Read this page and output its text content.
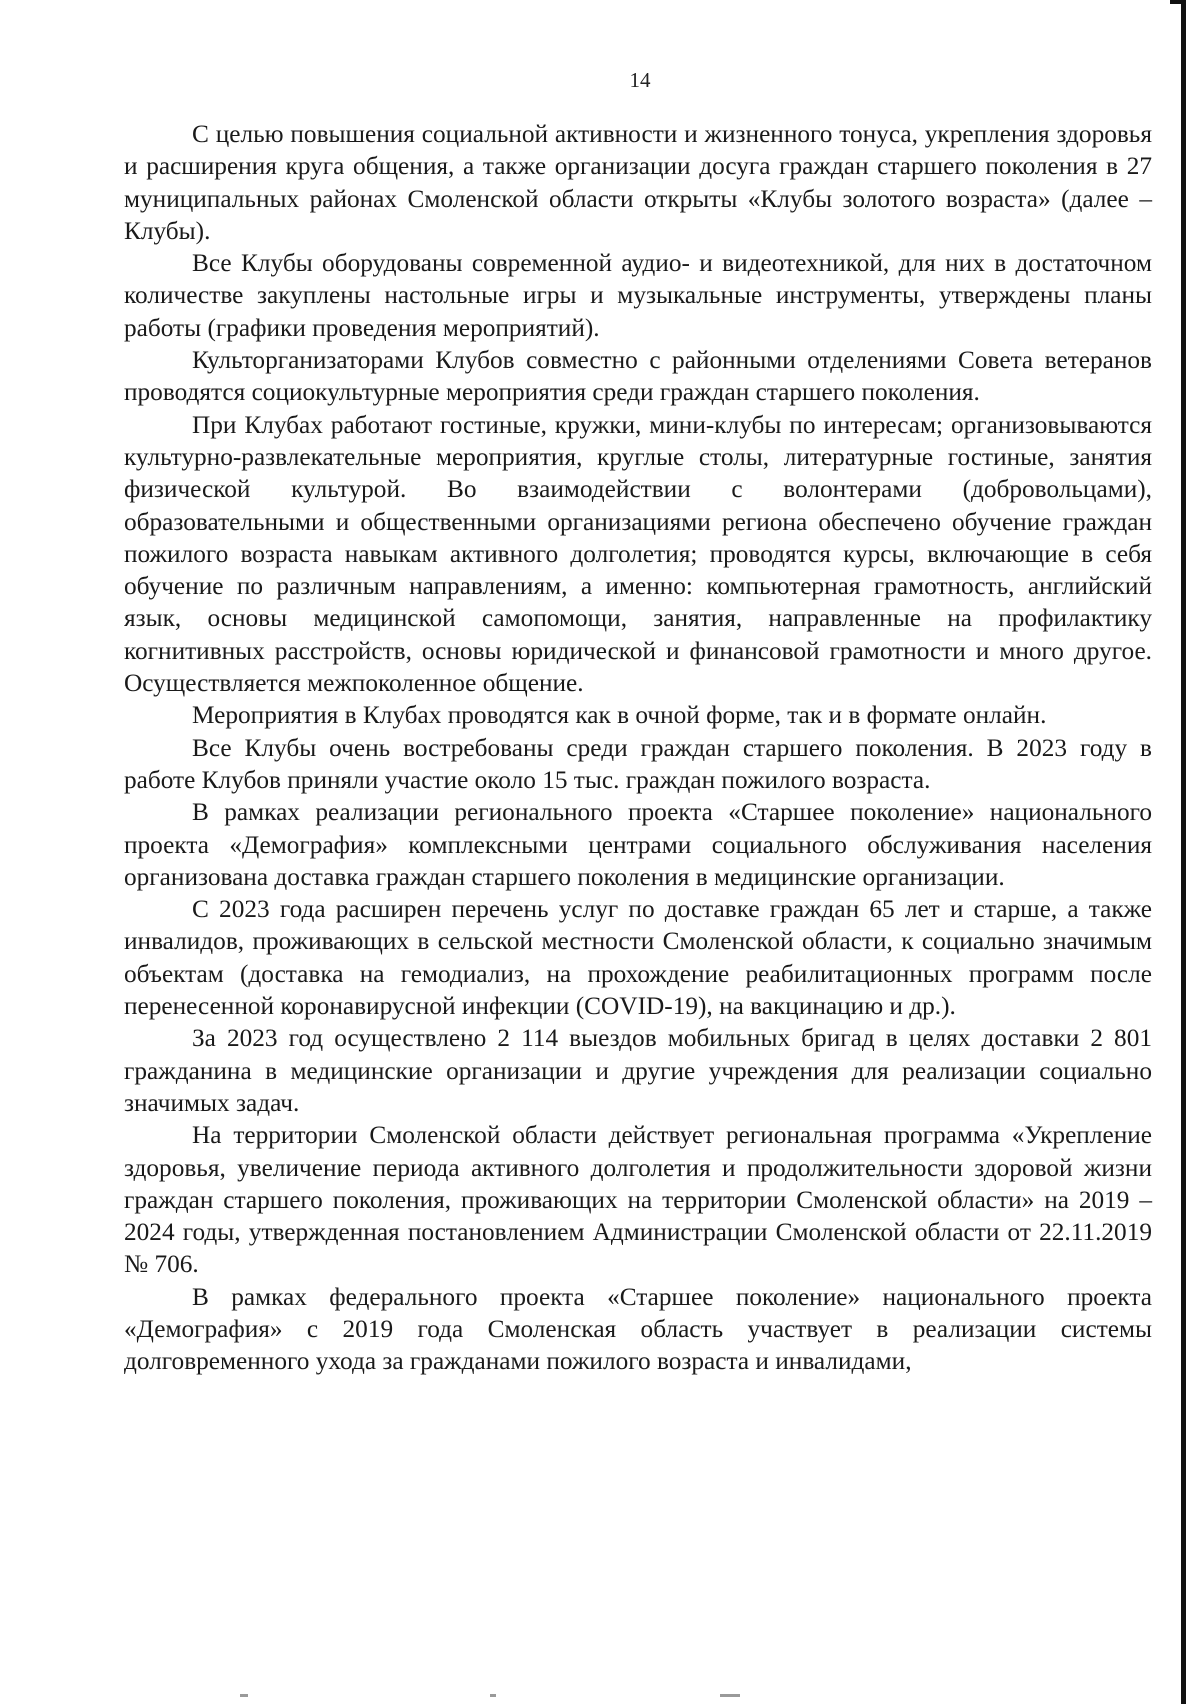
14

С целью повышения социальной активности и жизненного тонуса, укрепления здоровья и расширения круга общения, а также организации досуга граждан старшего поколения в 27 муниципальных районах Смоленской области открыты «Клубы золотого возраста» (далее – Клубы).

Все Клубы оборудованы современной аудио- и видеотехникой, для них в достаточном количестве закуплены настольные игры и музыкальные инструменты, утверждены планы работы (графики проведения мероприятий).

Культорганизаторами Клубов совместно с районными отделениями Совета ветеранов проводятся социокультурные мероприятия среди граждан старшего поколения.

При Клубах работают гостиные, кружки, мини-клубы по интересам; организовываются культурно-развлекательные мероприятия, круглые столы, литературные гостиные, занятия физической культурой. Во взаимодействии с волонтерами (добровольцами), образовательными и общественными организациями региона обеспечено обучение граждан пожилого возраста навыкам активного долголетия; проводятся курсы, включающие в себя обучение по различным направлениям, а именно: компьютерная грамотность, английский язык, основы медицинской самопомощи, занятия, направленные на профилактику когнитивных расстройств, основы юридической и финансовой грамотности и много другое. Осуществляется межпоколенное общение.

Мероприятия в Клубах проводятся как в очной форме, так и в формате онлайн.

Все Клубы очень востребованы среди граждан старшего поколения. В 2023 году в работе Клубов приняли участие около 15 тыс. граждан пожилого возраста.

В рамках реализации регионального проекта «Старшее поколение» национального проекта «Демография» комплексными центрами социального обслуживания населения организована доставка граждан старшего поколения в медицинские организации.

С 2023 года расширен перечень услуг по доставке граждан 65 лет и старше, а также инвалидов, проживающих в сельской местности Смоленской области, к социально значимым объектам (доставка на гемодиализ, на прохождение реабилитационных программ после перенесенной коронавирусной инфекции (COVID-19), на вакцинацию и др.).

За 2023 год осуществлено 2 114 выездов мобильных бригад в целях доставки 2 801 гражданина в медицинские организации и другие учреждения для реализации социально значимых задач.

На территории Смоленской области действует региональная программа «Укрепление здоровья, увеличение периода активного долголетия и продолжительности здоровой жизни граждан старшего поколения, проживающих на территории Смоленской области» на 2019 – 2024 годы, утвержденная постановлением Администрации Смоленской области от 22.11.2019 № 706.

В рамках федерального проекта «Старшее поколение» национального проекта «Демография» с 2019 года Смоленская область участвует в реализации системы долговременного ухода за гражданами пожилого возраста и инвалидами,
